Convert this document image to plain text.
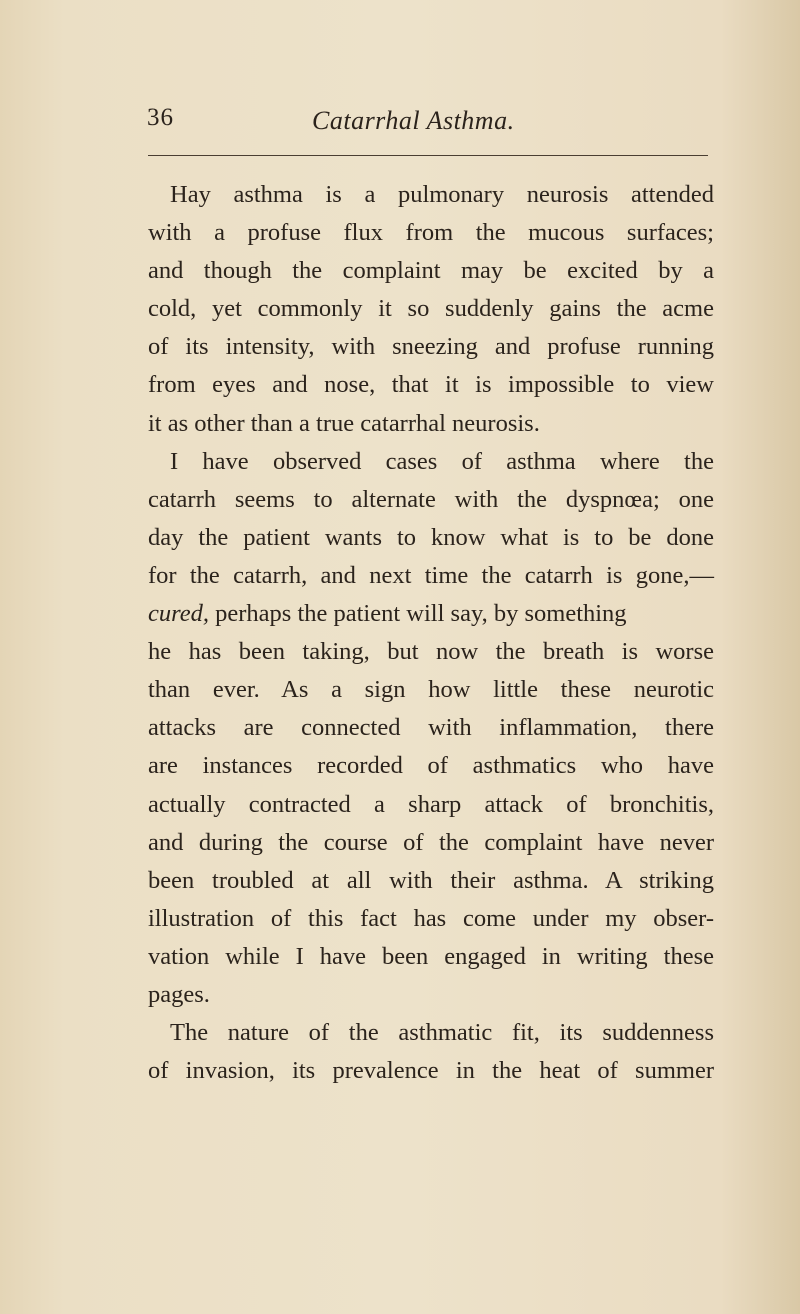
36	Catarrhal Asthma.
Hay asthma is a pulmonary neurosis attended
with a profuse flux from the mucous surfaces;
and though the complaint may be excited by a
cold, yet commonly it so suddenly gains the acme
of its intensity, with sneezing and profuse running
from eyes and nose, that it is impossible to view
it as other than a true catarrhal neurosis.
I have observed cases of asthma where the
catarrh seems to alternate with the dyspnœa; one
day the patient wants to know what is to be done
for the catarrh, and next time the catarrh is gone,—
cured, perhaps the patient will say, by something
he has been taking, but now the breath is worse
than ever. As a sign how little these neurotic
attacks are connected with inflammation, there
are instances recorded of asthmatics who have
actually contracted a sharp attack of bronchitis,
and during the course of the complaint have never
been troubled at all with their asthma. A striking
illustration of this fact has come under my obser-
vation while I have been engaged in writing these
pages.
The nature of the asthmatic fit, its suddenness
of invasion, its prevalence in the heat of summer
